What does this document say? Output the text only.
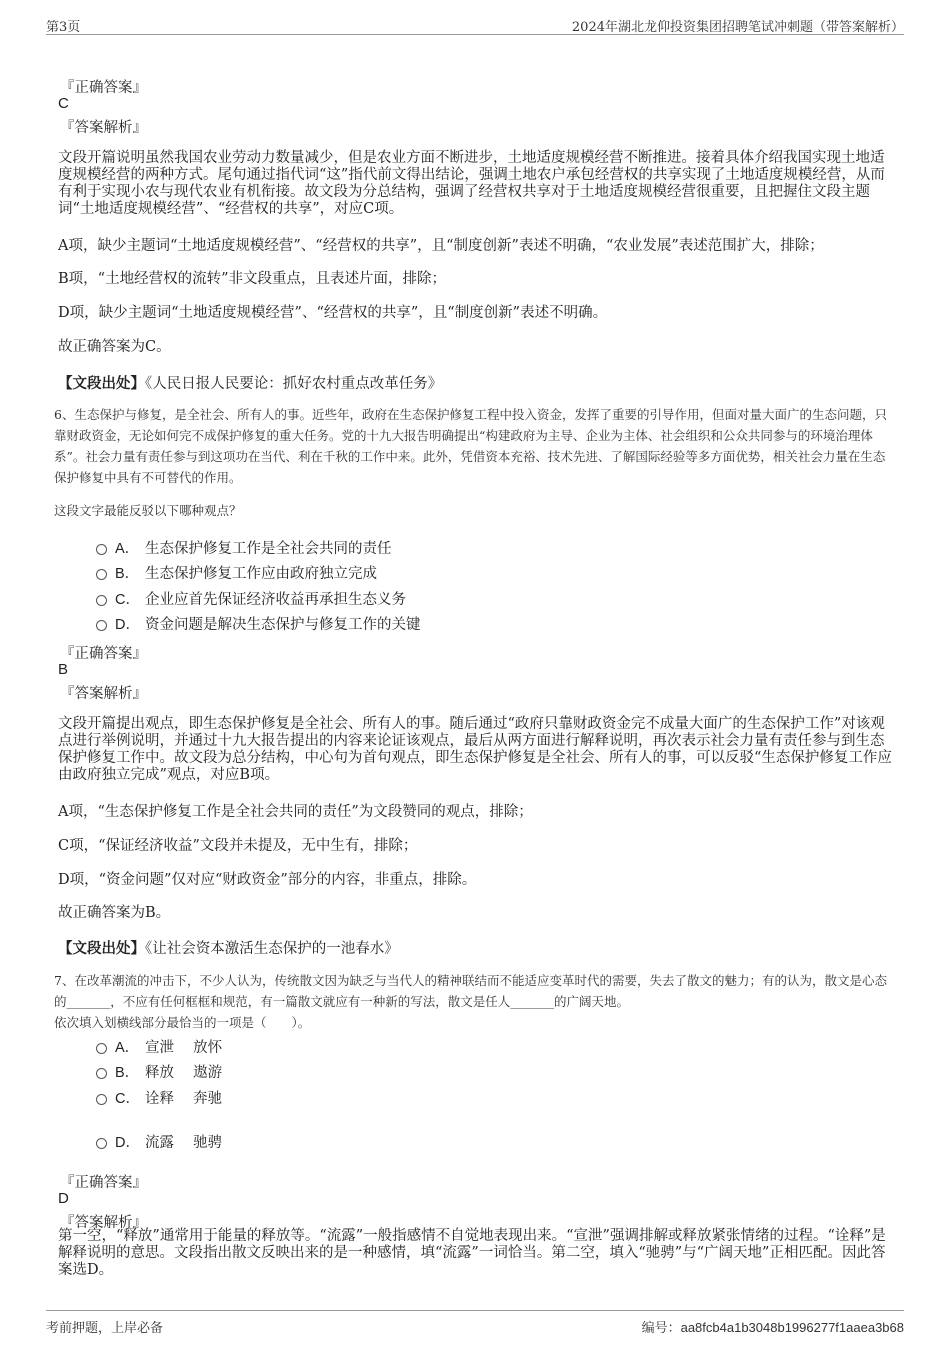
第3页	2024年湖北龙仰投资集团招聘笔试冲刺题（带答案解析）
『正确答案』
C
『答案解析』
文段开篇说明虽然我国农业劳动力数量减少，但是农业方面不断进步，土地适度规模经营不断推进。接着具体介绍我国实现土地适度规模经营的两种方式。尾句通过指代词“这”指代前文得出结论，强调土地农户承包经营权的共享实现了土地适度规模经营，从而有利于实现小农与现代农业有机衔接。故文段为分总结构，强调了经营权共享对于土地适度规模经营很重要，且把握住文段主题词“土地适度规模经营”、“经营权的共享”，对应C项。
A项，缺少主题词“土地适度规模经营”、“经营权的共享”，且“制度创新”表述不明确，“农业发展”表述范围扩大，排除；
B项，“土地经营权的流转”非文段重点，且表述片面，排除；
D项，缺少主题词“土地适度规模经营”、“经营权的共享”，且“制度创新”表述不明确。
故正确答案为C。
【文段出处】《人民日报人民要论：抓好农村重点改革任务》
6、生态保护与修复，是全社会、所有人的事。近些年，政府在生态保护修复工程中投入资金，发挥了重要的引导作用，但面对量大面广的生态问题，只靠财政资金，无论如何完不成保护修复的重大任务。党的十九大报告明确提出“构建政府为主导、企业为主体、社会组织和公众共同参与的环境治理体系”。社会力量有责任参与到这项功在当代、利在千秋的工作中来。此外，凭借资本充裕、技术先进、了解国际经验等多方面优势，相关社会力量在生态保护修复中具有不可替代的作用。
这段文字最能反驳以下哪种观点？
A． 生态保护修复工作是全社会共同的责任
B． 生态保护修复工作应由政府独立完成
C． 企业应首先保证经济收益再承担生态义务
D． 资金问题是解决生态保护与修复工作的关键
『正确答案』
B
『答案解析』
文段开篇提出观点，即生态保护修复是全社会、所有人的事。随后通过“政府只靠财政资金完不成量大面广的生态保护工作”对该观点进行举例说明，并通过十九大报告提出的内容来论证该观点，最后从两方面进行解释说明，再次表示社会力量有责任参与到生态保护修复工作中。故文段为总分结构，中心句为首句观点，即生态保护修复是全社会、所有人的事，可以反驳“生态保护修复工作应由政府独立完成”观点，对应B项。
A项，“生态保护修复工作是全社会共同的责任”为文段赞同的观点，排除；
C项，“保证经济收益”文段并未提及，无中生有，排除；
D项，“资金问题”仅对应“财政资金”部分的内容，非重点，排除。
故正确答案为B。
【文段出处】《让社会资本激活生态保护的一池春水》
7、在改革潮流的冲击下，不少人认为，传统散文因为缺乏与当代人的精神联结而不能适应变革时代的需要，失去了散文的魅力；有的认为，散文是心态的_______，不应有任何框框和规范，有一篇散文就应有一种新的写法，散文是任人_______的广阔天地。
依次填入划横线部分最恰当的一项是（　　）。
A． 宣泄　 放怀
B． 释放　 遨游
C． 诠释　 奔驰
D． 流露　 驰骋
『正确答案』
D
『答案解析』
第一空，“释放”通常用于能量的释放等。“流露”一般指感情不自觉地表现出来。“宣泄”强调排解或释放紧张情绪的过程。“诠释”是解释说明的意思。文段指出散文反映出来的是一种感情，填“流露”一词恰当。第二空，填入“驰骋”与“广阔天地”正相匹配。因此答案选D。
考前押题，上岸必备	编号：aa8fcb4a1b3048b1996277f1aaea3b68
